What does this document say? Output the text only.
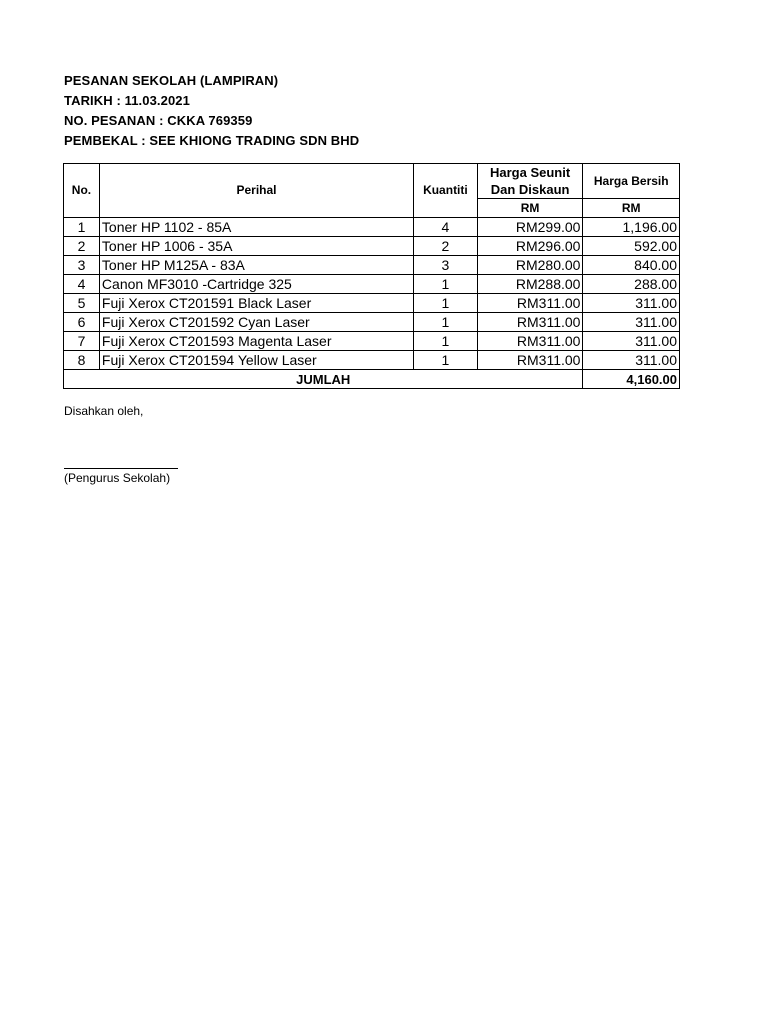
PESANAN SEKOLAH (LAMPIRAN)
TARIKH : 11.03.2021
NO. PESANAN : CKKA 769359
PEMBEKAL : SEE KHIONG TRADING SDN BHD
No.	Perihal	Kuantiti	Harga Seunit Dan Diskaun	Harga Bersih
			RM	RM
1	Toner HP 1102 - 85A	4	RM299.00	1,196.00
2	Toner HP 1006 - 35A	2	RM296.00	592.00
3	Toner HP M125A - 83A	3	RM280.00	840.00
4	Canon MF3010 -Cartridge 325	1	RM288.00	288.00
5	Fuji Xerox CT201591 Black Laser	1	RM311.00	311.00
6	Fuji Xerox CT201592 Cyan Laser	1	RM311.00	311.00
7	Fuji Xerox CT201593 Magenta Laser	1	RM311.00	311.00
8	Fuji Xerox CT201594 Yellow Laser	1	RM311.00	311.00
JUMLAH				4,160.00
Disahkan oleh,
(Pengurus Sekolah)
